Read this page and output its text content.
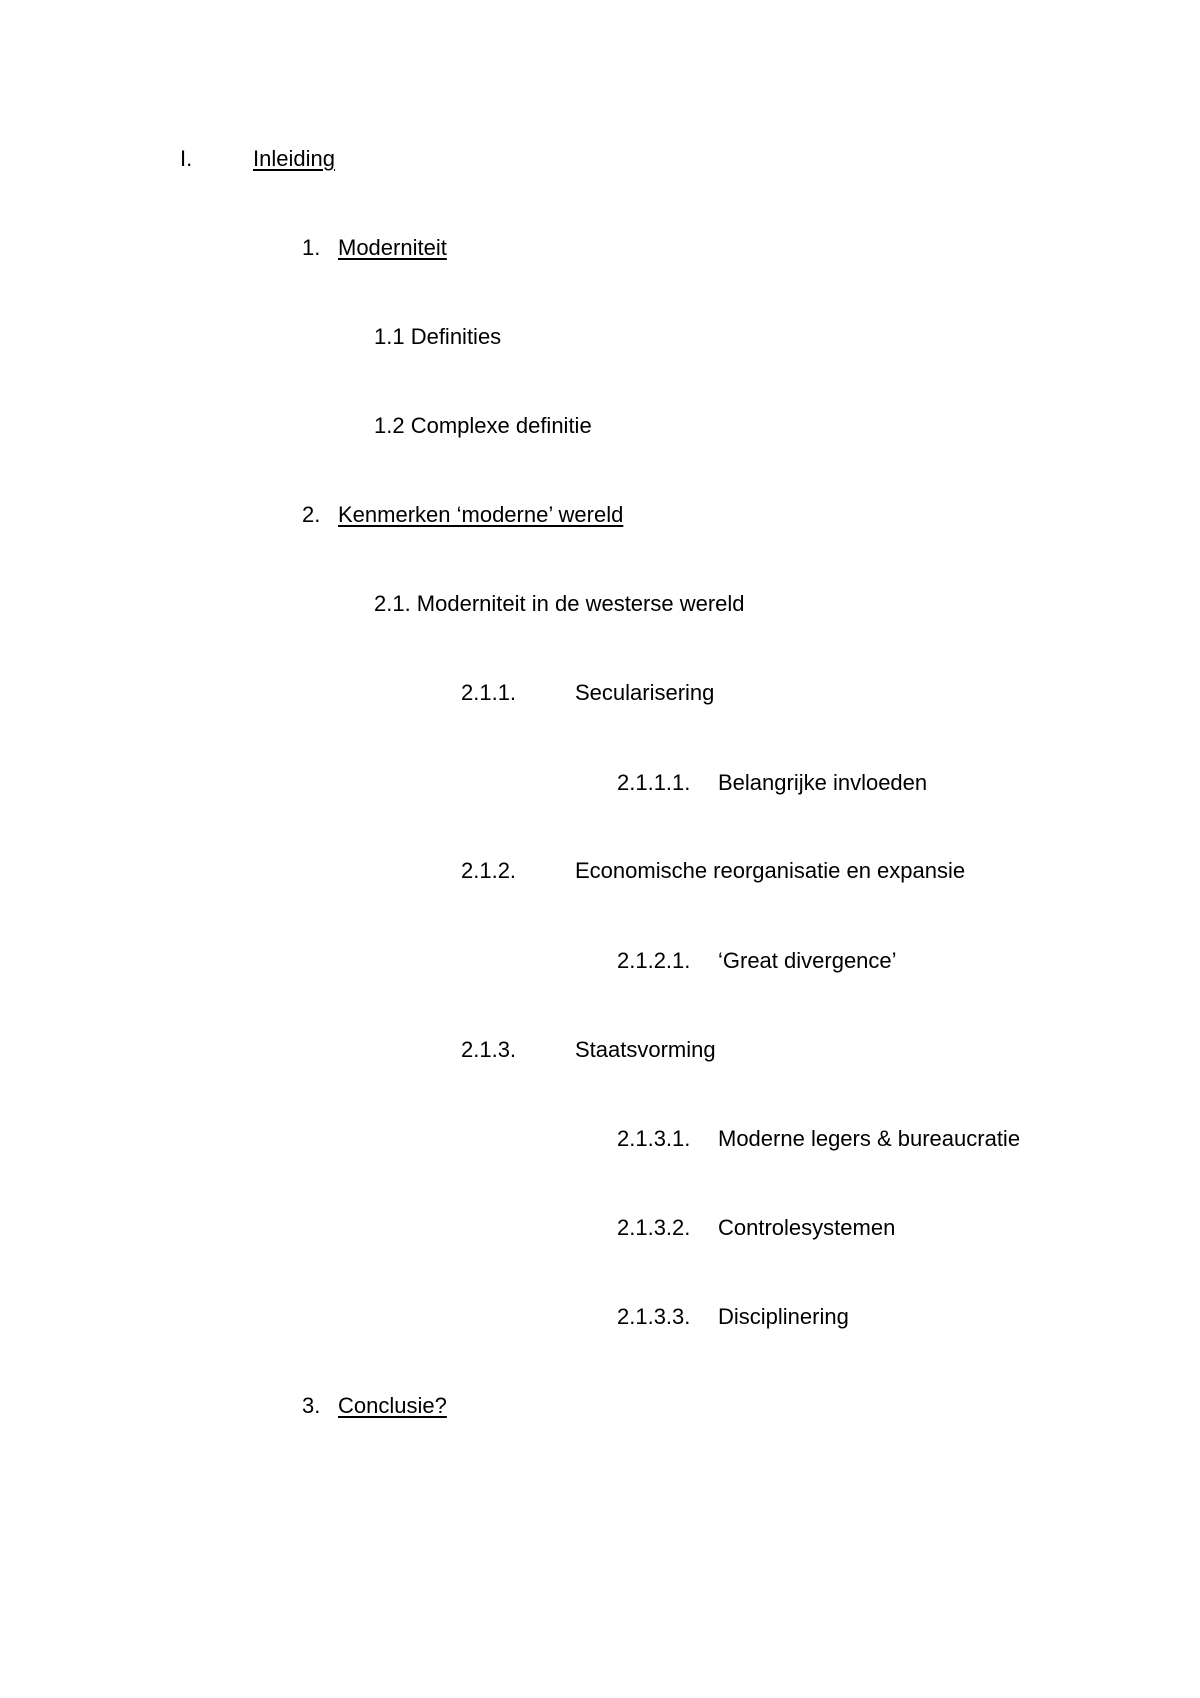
I.	Inleiding
1. Moderniteit
1.1 Definities
1.2 Complexe definitie
2. Kenmerken ‘moderne’ wereld
2.1. Moderniteit in de westerse wereld
2.1.1.	Secularisering
2.1.1.1. Belangrijke invloeden
2.1.2.	Economische reorganisatie en expansie
2.1.2.1. ‘Great divergence’
2.1.3.	Staatsvorming
2.1.3.1. Moderne legers & bureaucratie
2.1.3.2. Controlesystemen
2.1.3.3. Disciplinering
3. Conclusie?
